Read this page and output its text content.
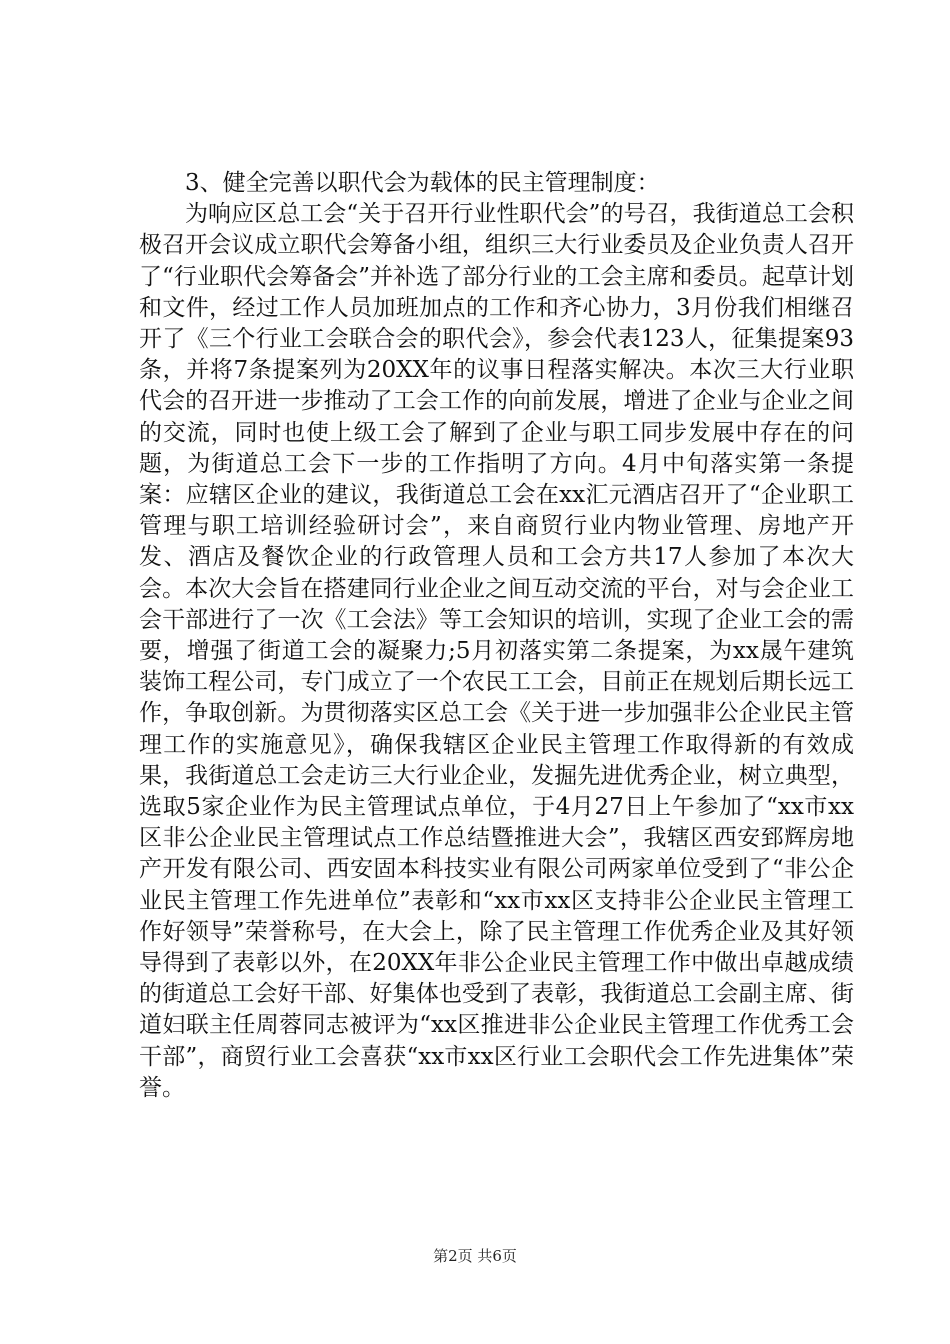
3、健全完善以职代会为载体的民主管理制度：

为响应区总工会“关于召开行业性职代会”的号召，我街道总工会积极召开会议成立职代会筹备小组，组织三大行业委员及企业负责人召开了“行业职代会筹备会”并补选了部分行业的工会主席和委员。起草计划和文件，经过工作人员加班加点的工作和齐心协力，3月份我们相继召开了《三个行业工会联合会的职代会》，参会代表123人，征集提案93条，并将7条提案列为20XX年的议事日程落实解决。本次三大行业职代会的召开进一步推动了工会工作的向前发展，增进了企业与企业之间的交流，同时也使上级工会了解到了企业与职工同步发展中存在的问题，为街道总工会下一步的工作指明了方向。4月中旬落实第一条提案：应辖区企业的建议，我街道总工会在xx汇元酒店召开了“企业职工管理与职工培训经验研讨会”，来自商贸行业内物业管理、房地产开发、酒店及餐饮企业的行政管理人员和工会方共17人参加了本次大会。本次大会旨在搭建同行业企业之间互动交流的平台，对与会企业工会干部进行了一次《工会法》等工会知识的培训，实现了企业工会的需要，增强了街道工会的凝聚力;5月初落实第二条提案，为xx晟午建筑装饰工程公司，专门成立了一个农民工工会，目前正在规划后期长远工作，争取创新。为贯彻落实区总工会《关于进一步加强非公企业民主管理工作的实施意见》，确保我辖区企业民主管理工作取得新的有效成果，我街道总工会走访三大行业企业，发掘先进优秀企业，树立典型，选取5家企业作为民主管理试点单位，于4月27日上午参加了“xx市xx区非公企业民主管理试点工作总结暨推进大会”，我辖区西安郅辉房地产开发有限公司、西安固本科技实业有限公司两家单位受到了“非公企业民主管理工作先进单位”表彰和“xx市xx区支持非公企业民主管理工作好领导”荣誉称号，在大会上，除了民主管理工作优秀企业及其好领导得到了表彰以外，在20XX年非公企业民主管理工作中做出卓越成绩的街道总工会好干部、好集体也受到了表彰，我街道总工会副主席、街道妇联主任周蓉同志被评为“xx区推进非公企业民主管理工作优秀工会干部”，商贸行业工会喜获“xx市xx区行业工会职代会工作先进集体”荣誉。

第2页 共6页
